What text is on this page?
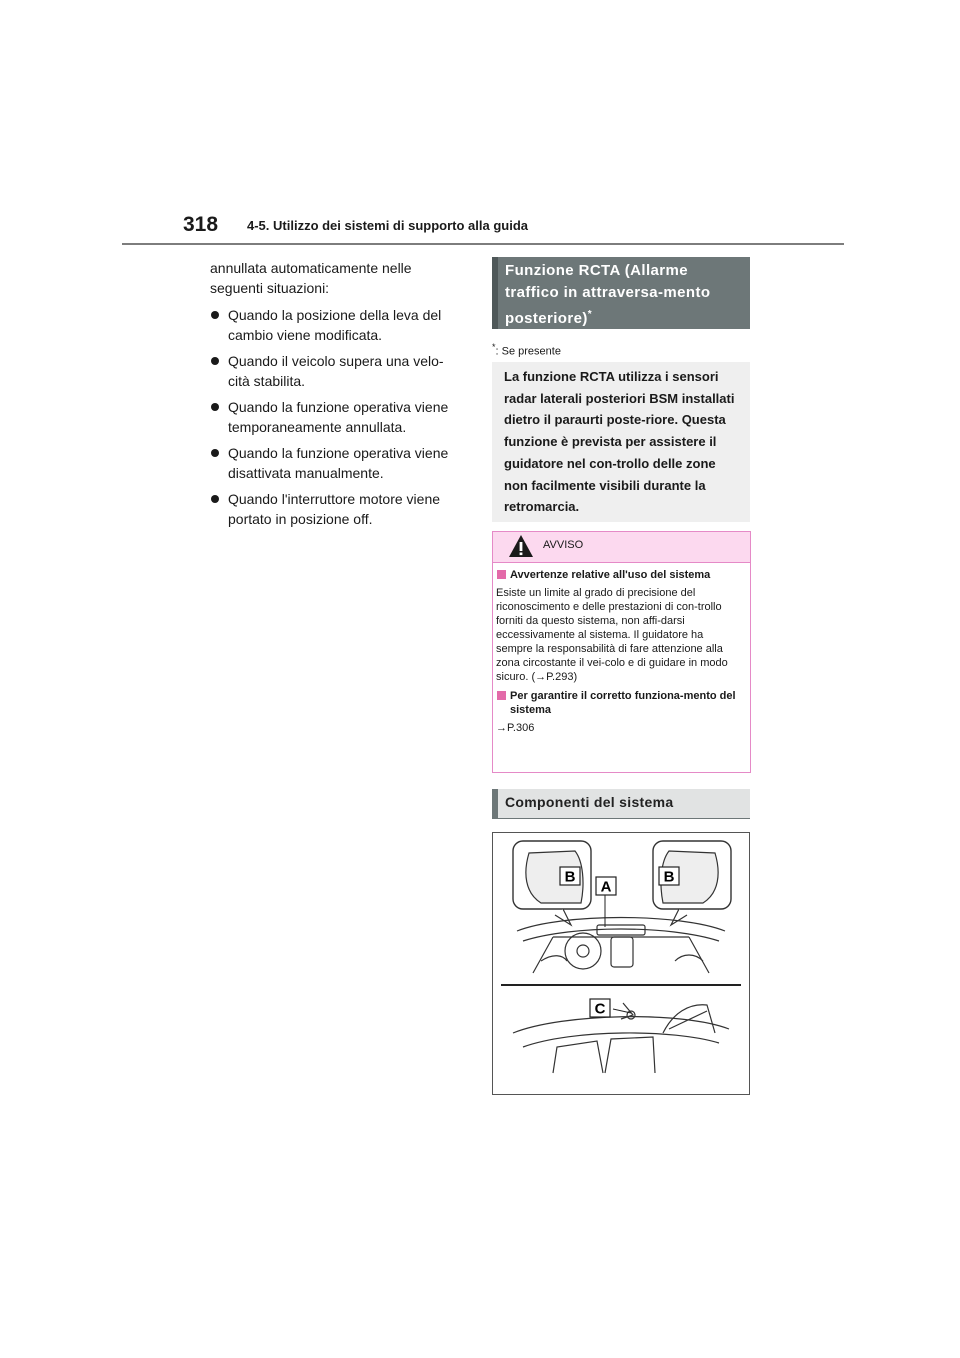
318 4-5. Utilizzo dei sistemi di supporto alla guida

annullata automaticamente nelle seguenti situazioni:

Quando la posizione della leva del cambio viene modificata.
Quando il veicolo supera una velo-cità stabilita.
Quando la funzione operativa viene temporaneamente annullata.
Quando la funzione operativa viene disattivata manualmente.
Quando l'interruttore motore viene portato in posizione off.
Funzione RCTA (Allarme traffico in attraversa-mento posteriore)*
*: Se presente
La funzione RCTA utilizza i sensori radar laterali posteriori BSM installati dietro il paraurti poste-riore. Questa funzione è prevista per assistere il guidatore nel con-trollo delle zone non facilmente visibili durante la retromarcia.
AVVISO
Avvertenze relative all'uso del sistema

Esiste un limite al grado di precisione del riconoscimento e delle prestazioni di con-trollo forniti da questo sistema, non affi-darsi eccessivamente al sistema. Il guidatore ha sempre la responsabilità di fare attenzione alla zona circostante il vei-colo e di guidare in modo sicuro. (→P.293)

Per garantire il corretto funziona-mento del sistema

→P.306

Componenti del sistema
B
A
B
C
